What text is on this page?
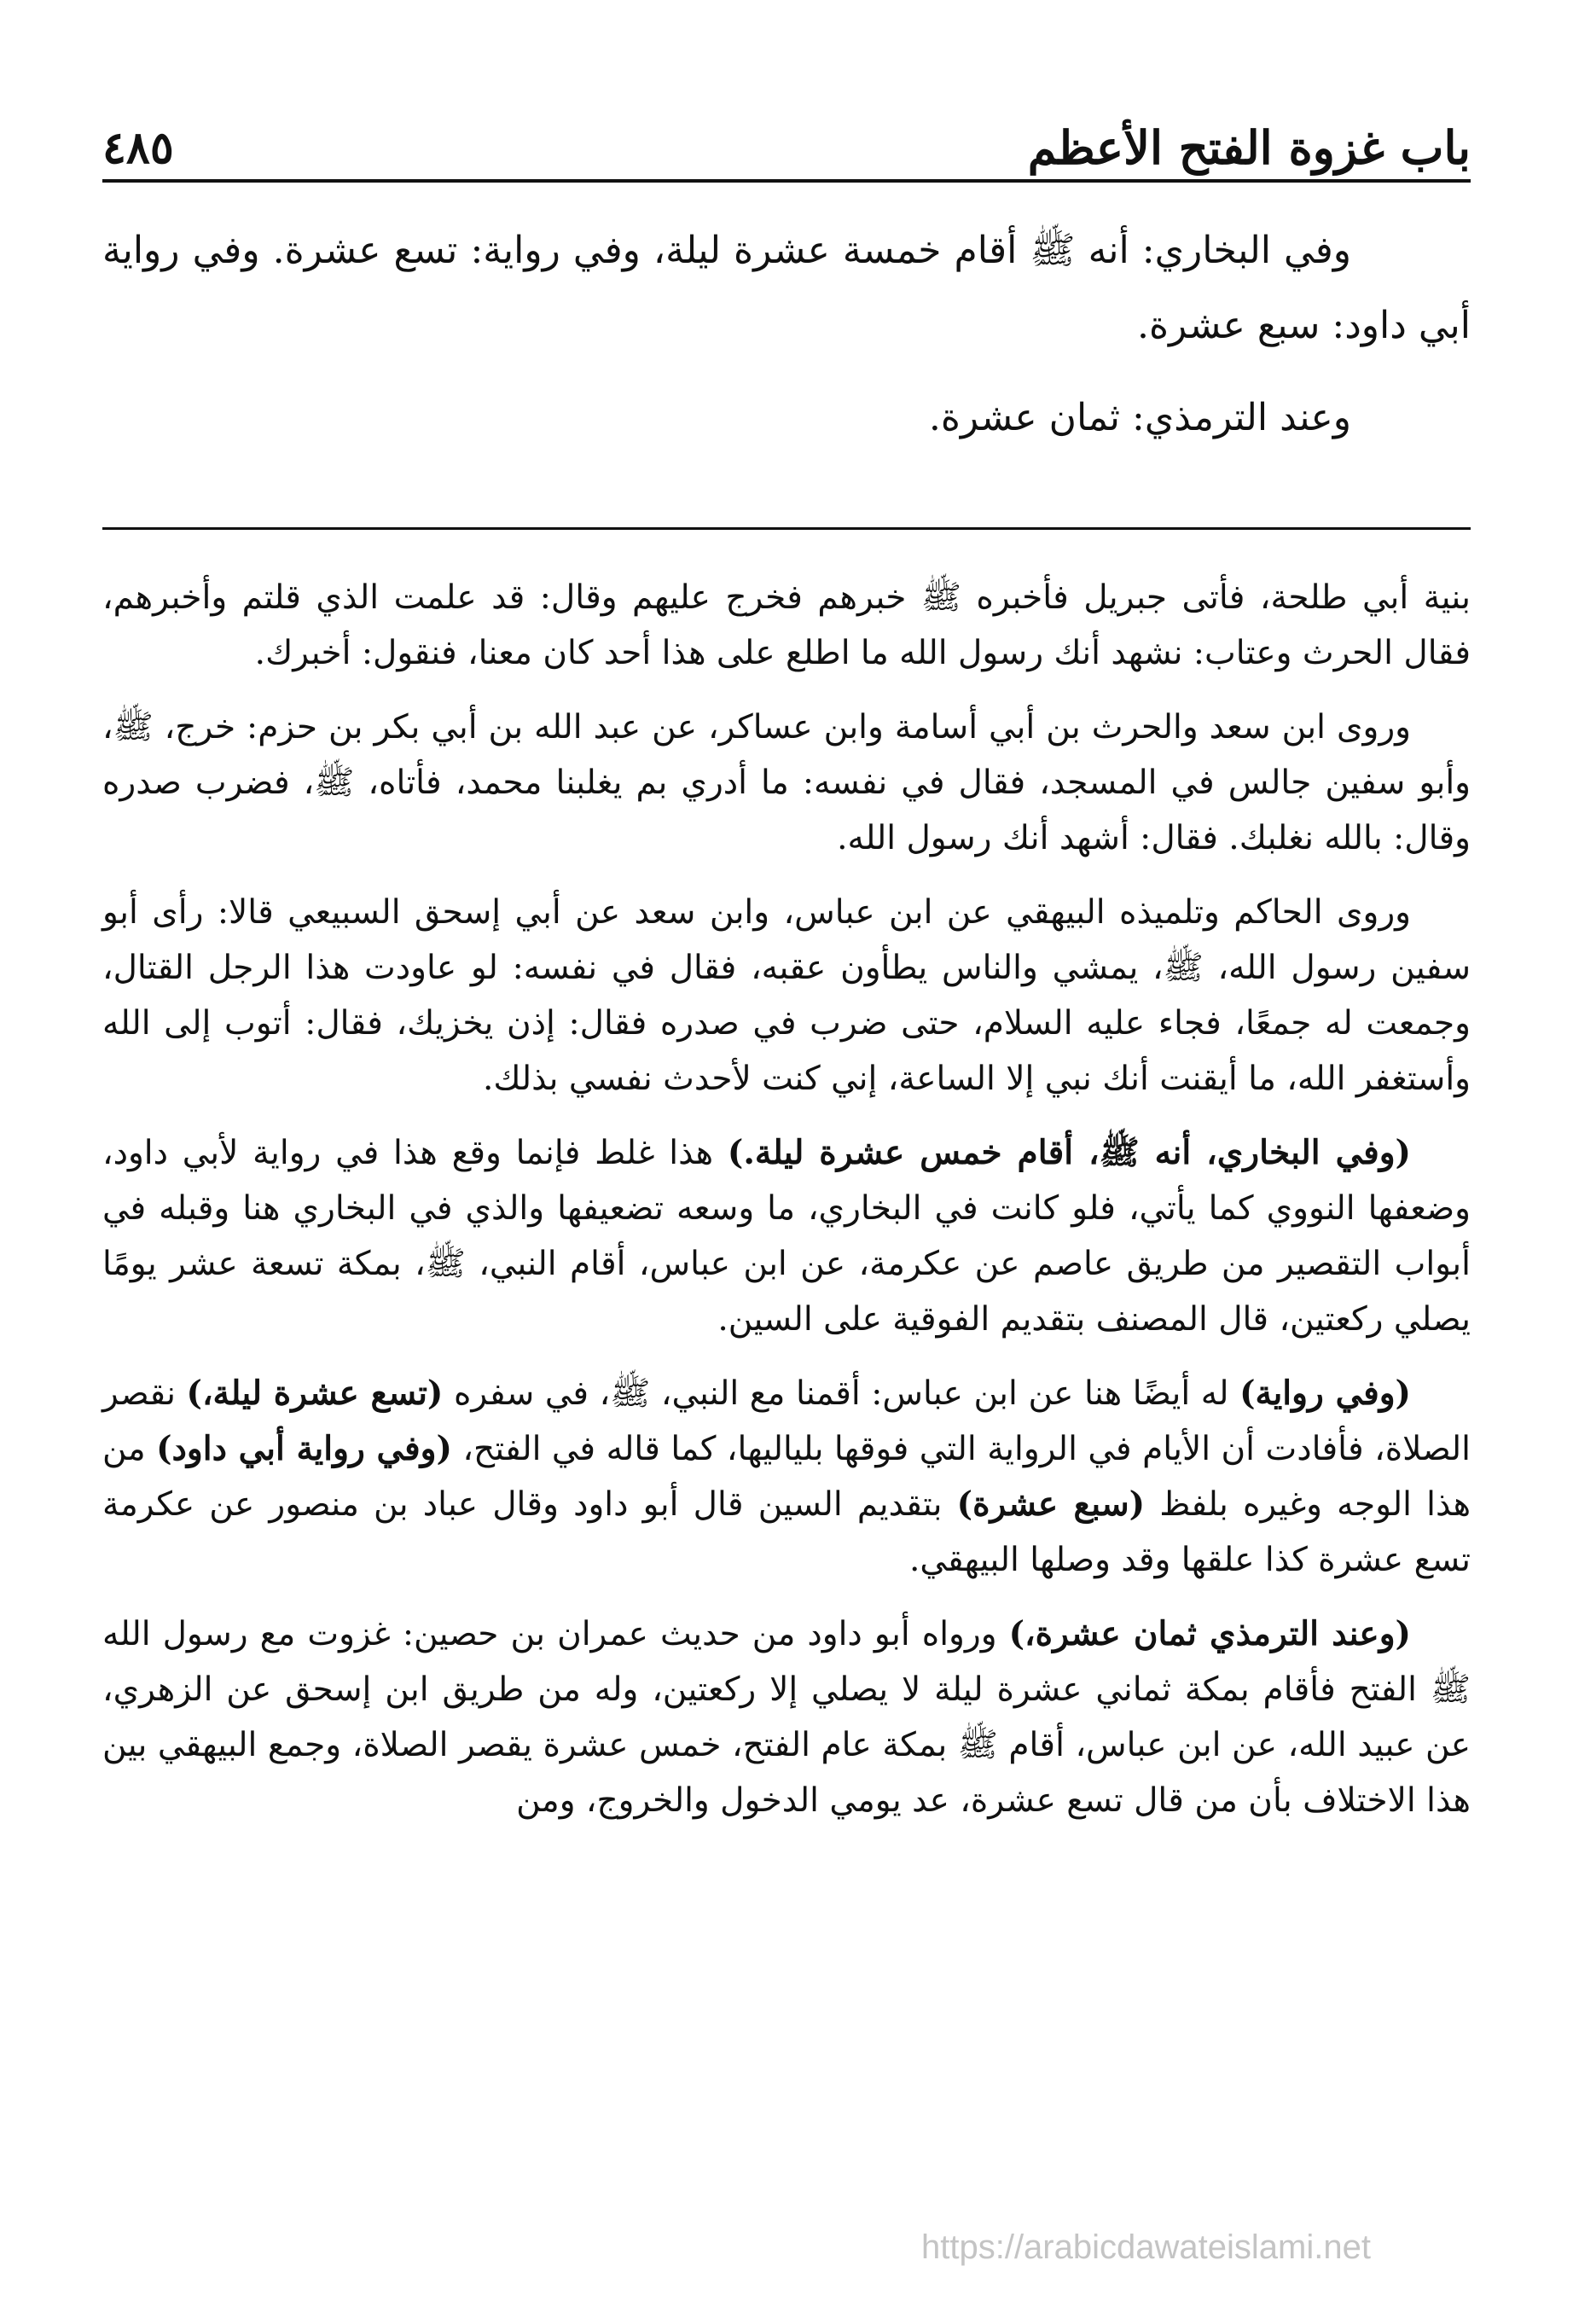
باب غزوة الفتح الأعظم
٤٨٥

وفي البخاري: أنه ﷺ أقام خمسة عشرة ليلة، وفي رواية: تسع عشرة. وفي رواية أبي داود: سبع عشرة.

وعند الترمذي: ثمان عشرة.

بنية أبي طلحة، فأتى جبريل فأخبره ﷺ خبرهم فخرج عليهم وقال: قد علمت الذي قلتم وأخبرهم، فقال الحرث وعتاب: نشهد أنك رسول الله ما اطلع على هذا أحد كان معنا، فنقول: أخبرك.

وروى ابن سعد والحرث بن أبي أسامة وابن عساكر، عن عبد الله بن أبي بكر بن حزم: خرج، ﷺ، وأبو سفين جالس في المسجد، فقال في نفسه: ما أدري بم يغلبنا محمد، فأتاه، ﷺ، فضرب صدره وقال: بالله نغلبك. فقال: أشهد أنك رسول الله.

وروى الحاكم وتلميذه البيهقي عن ابن عباس، وابن سعد عن أبي إسحق السبيعي قالا: رأى أبو سفين رسول الله، ﷺ، يمشي والناس يطأون عقبه، فقال في نفسه: لو عاودت هذا الرجل القتال، وجمعت له جمعًا، فجاء عليه السلام، حتى ضرب في صدره فقال: إذن يخزيك، فقال: أتوب إلى الله وأستغفر الله، ما أيقنت أنك نبي إلا الساعة، إني كنت لأحدث نفسي بذلك.

(وفي البخاري، أنه ﷺ، أقام خمس عشرة ليلة.) هذا غلط فإنما وقع هذا في رواية لأبي داود، وضعفها النووي كما يأتي، فلو كانت في البخاري، ما وسعه تضعيفها والذي في البخاري هنا وقبله في أبواب التقصير من طريق عاصم عن عكرمة، عن ابن عباس، أقام النبي، ﷺ، بمكة تسعة عشر يومًا يصلي ركعتين، قال المصنف بتقديم الفوقية على السين.

(وفي رواية) له أيضًا هنا عن ابن عباس: أقمنا مع النبي، ﷺ، في سفره (تسع عشرة ليلة،) نقصر الصلاة، فأفادت أن الأيام في الرواية التي فوقها بلياليها، كما قاله في الفتح، (وفي رواية أبي داود) من هذا الوجه وغيره بلفظ (سبع عشرة) بتقديم السين قال أبو داود وقال عباد بن منصور عن عكرمة تسع عشرة كذا علقها وقد وصلها البيهقي.

(وعند الترمذي ثمان عشرة،) ورواه أبو داود من حديث عمران بن حصين: غزوت مع رسول الله ﷺ الفتح فأقام بمكة ثماني عشرة ليلة لا يصلي إلا ركعتين، وله من طريق ابن إسحق عن الزهري، عن عبيد الله، عن ابن عباس، أقام ﷺ بمكة عام الفتح، خمس عشرة يقصر الصلاة، وجمع البيهقي بين هذا الاختلاف بأن من قال تسع عشرة، عد يومي الدخول والخروج، ومن

https://arabicdawateislami.net
